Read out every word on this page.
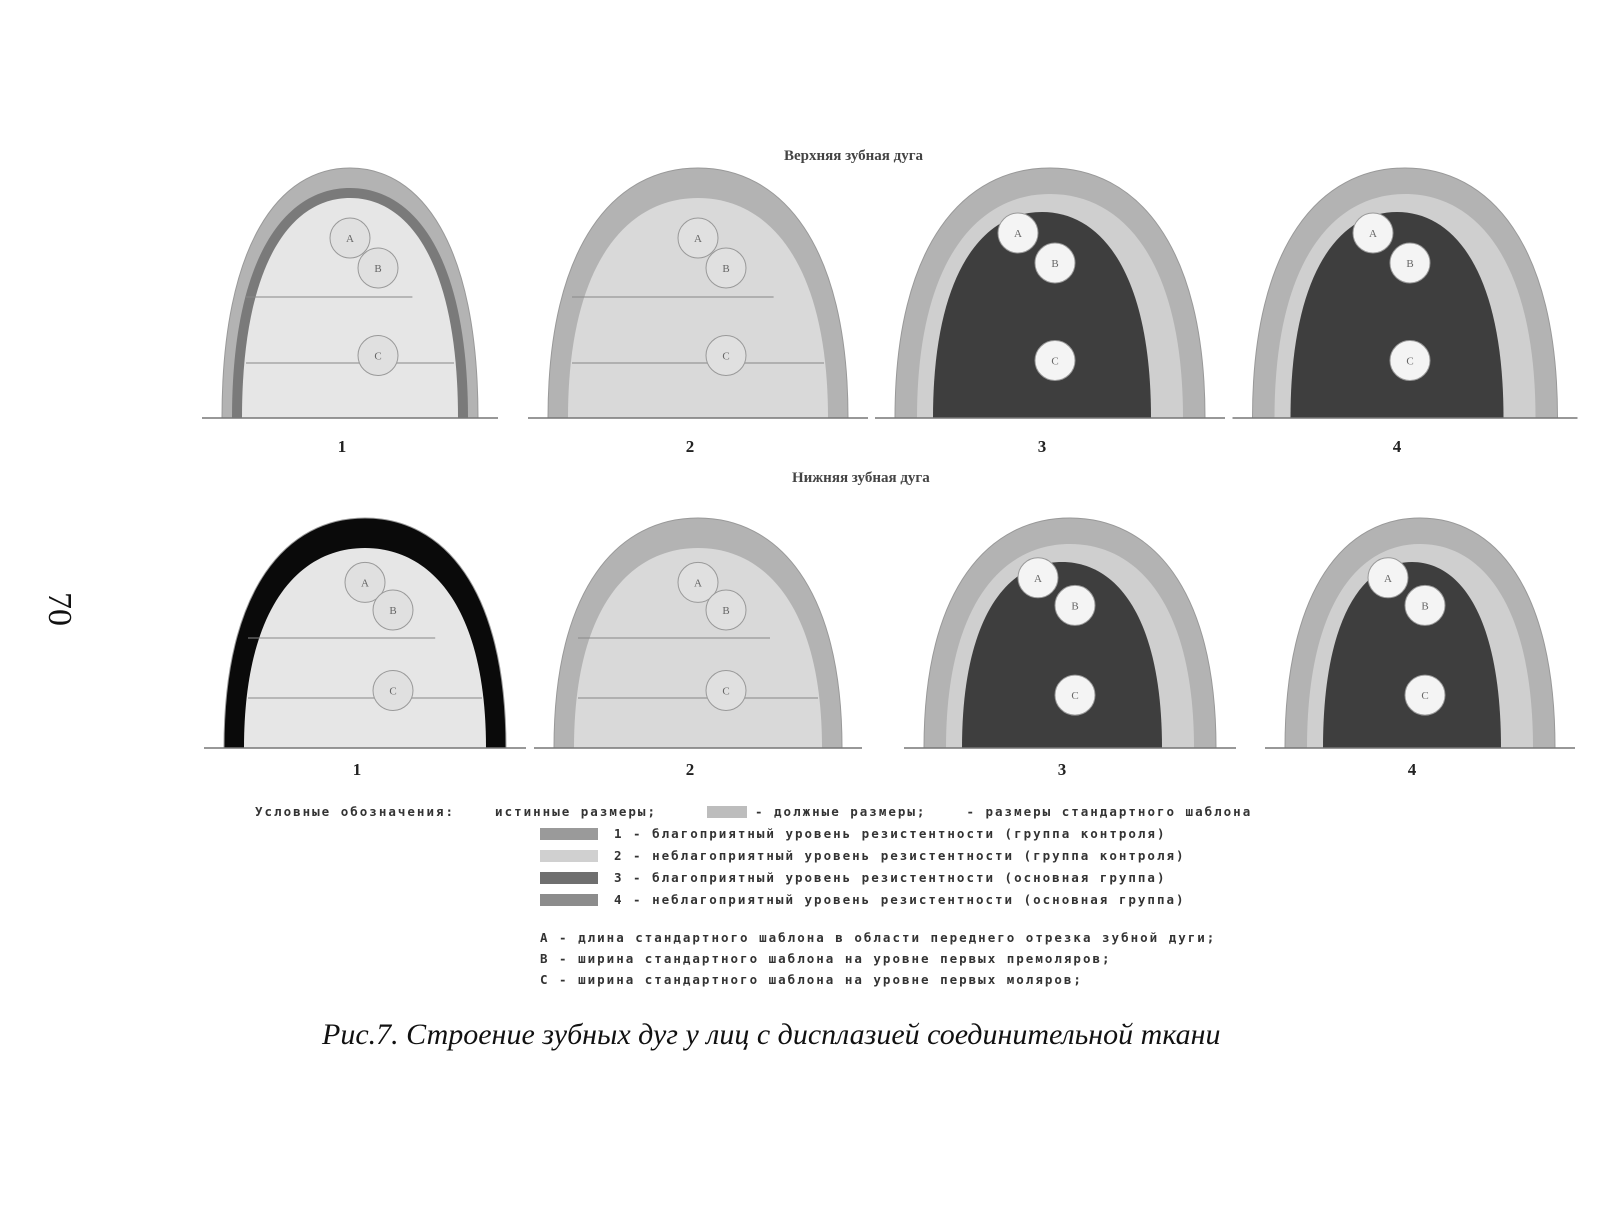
70
Верхняя зубная дуга
Нижняя зубная дуга
A
B
C
1
A
B
C
2
A
B
C
3
A
B
C
4
A
B
C
1
A
B
C
2
A
B
C
3
A
B
C
4
Условные обозначения:	истинные размеры;	- должные размеры;	- размеры стандартного шаблона
1 - благоприятный уровень резистентности (группа контроля)
2 - неблагоприятный уровень резистентности (группа контроля)
3 - благоприятный уровень резистентности (основная группа)
4 - неблагоприятный уровень резистентности (основная группа)
A - длина стандартного шаблона в области переднего отрезка зубной дуги;
B - ширина стандартного шаблона на уровне первых премоляров;
C - ширина стандартного шаблона на уровне первых моляров;
Рис.7. Строение зубных дуг у лиц с дисплазией соединительной ткани
